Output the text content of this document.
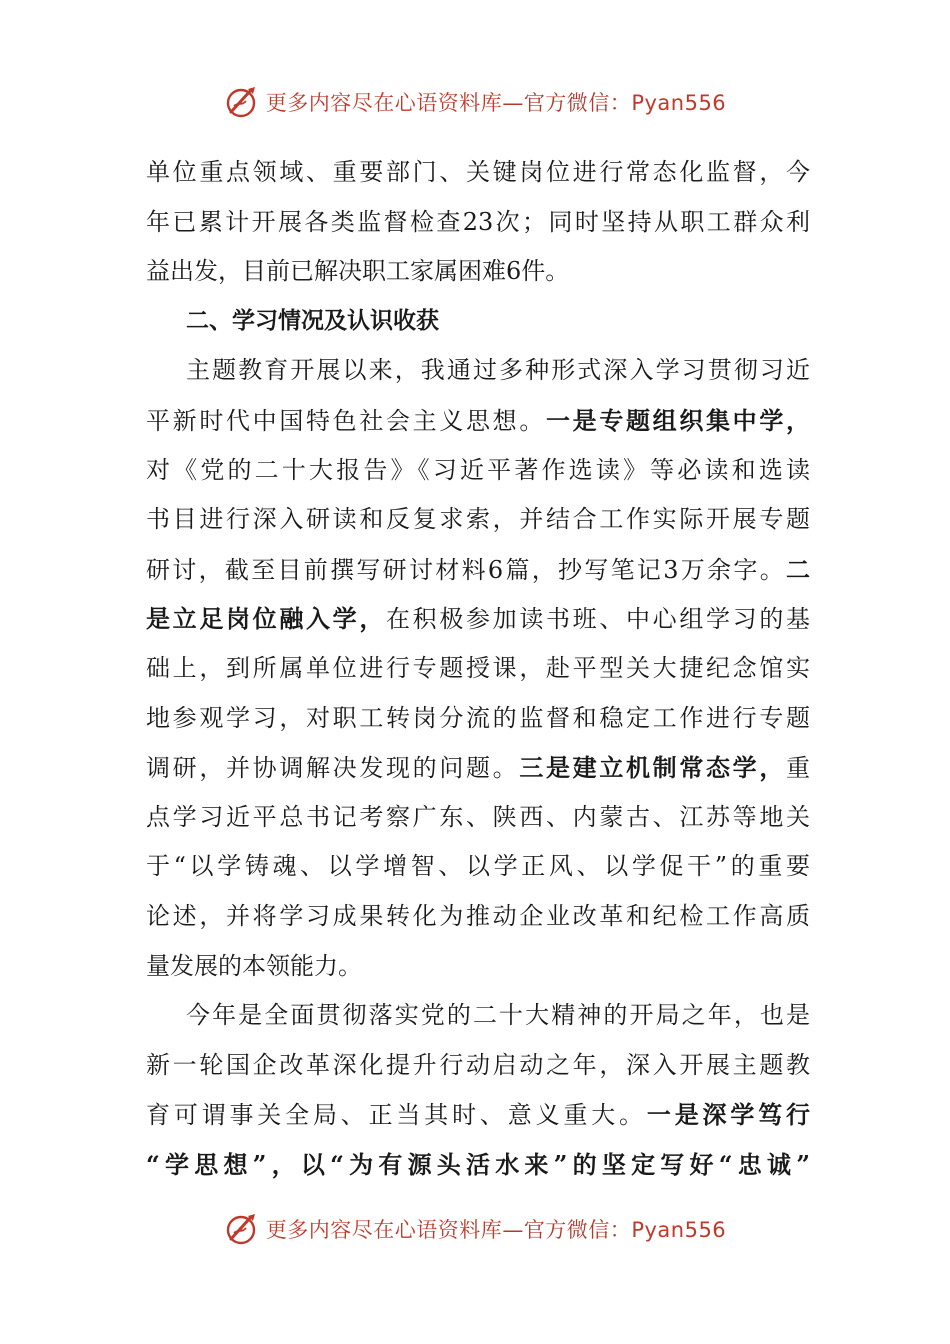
更多内容尽在心语资料库—官方微信：Pyan556
单位重点领域、重要部门、关键岗位进行常态化监督，今
年已累计开展各类监督检查23次；同时坚持从职工群众利
益出发，目前已解决职工家属困难6件。
二、学习情况及认识收获
主题教育开展以来，我通过多种形式深入学习贯彻习近
平新时代中国特色社会主义思想。一是专题组织集中学，
对《党的二十大报告》《习近平著作选读》等必读和选读
书目进行深入研读和反复求索，并结合工作实际开展专题
研讨，截至目前撰写研讨材料6篇，抄写笔记3万余字。二
是立足岗位融入学，在积极参加读书班、中心组学习的基
础上，到所属单位进行专题授课，赴平型关大捷纪念馆实
地参观学习，对职工转岗分流的监督和稳定工作进行专题
调研，并协调解决发现的问题。三是建立机制常态学，重
点学习近平总书记考察广东、陕西、内蒙古、江苏等地关
于“以学铸魂、以学增智、以学正风、以学促干”的重要
论述，并将学习成果转化为推动企业改革和纪检工作高质
量发展的本领能力。
今年是全面贯彻落实党的二十大精神的开局之年，也是
新一轮国企改革深化提升行动启动之年，深入开展主题教
育可谓事关全局、正当其时、意义重大。一是深学笃行
“学思想”，以“为有源头活水来”的坚定写好“忠诚”
更多内容尽在心语资料库—官方微信：Pyan556
